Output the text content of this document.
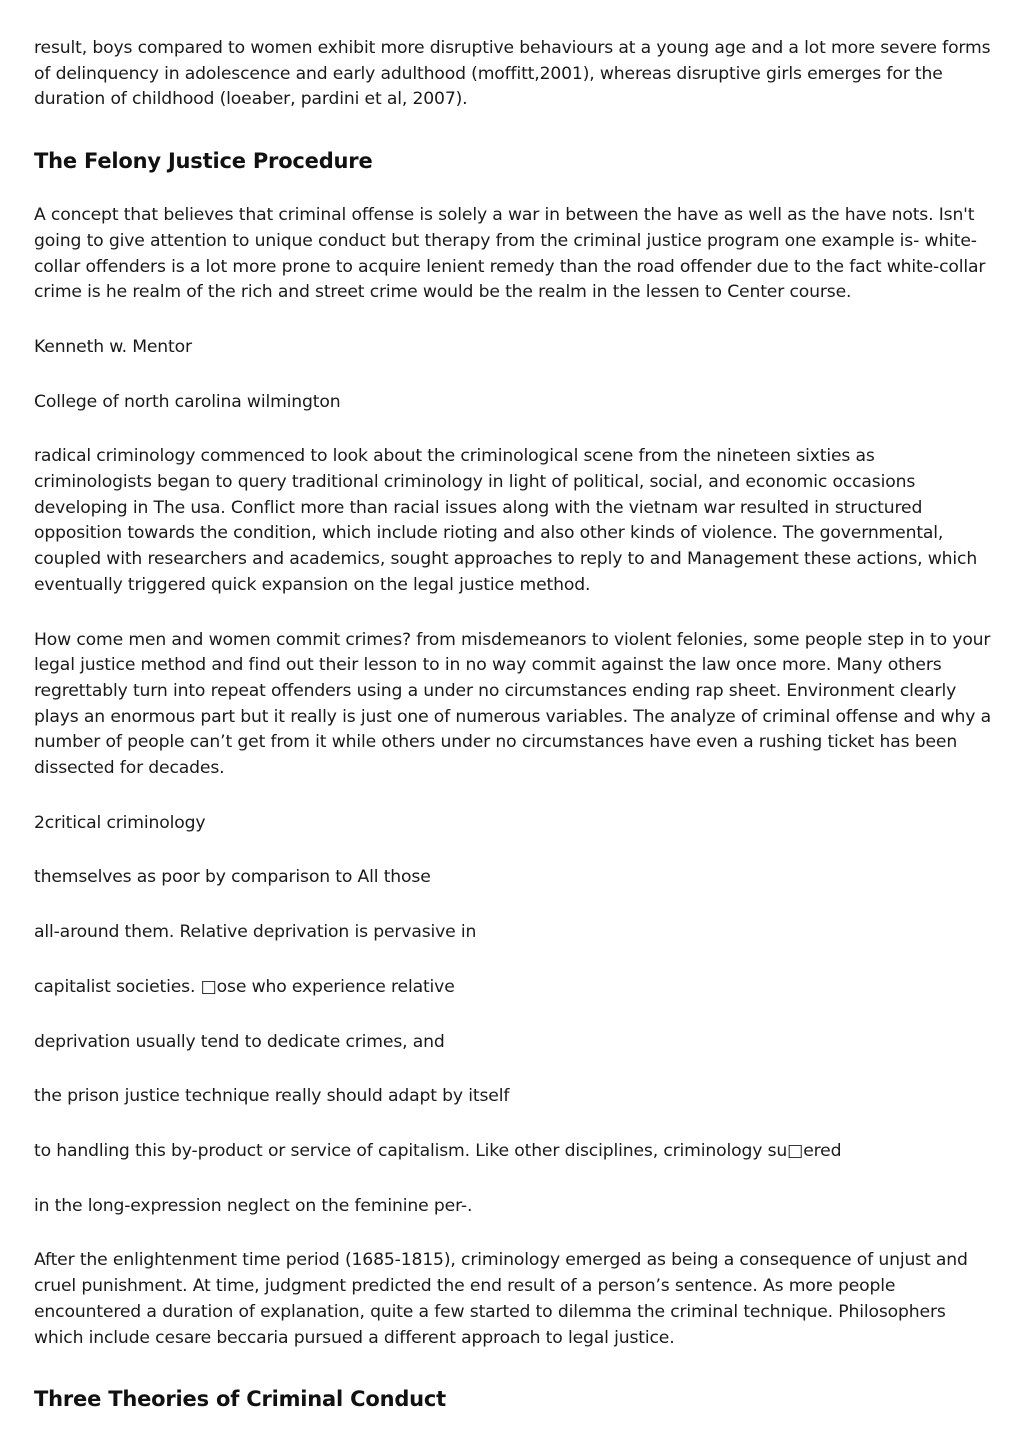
result, boys compared to women exhibit more disruptive behaviours at a young age and a lot more severe forms of delinquency in adolescence and early adulthood (moffitt,2001), whereas disruptive girls emerges for the duration of childhood (loeaber, pardini et al, 2007).

The Felony Justice Procedure

A concept that believes that criminal offense is solely a war in between the have as well as the have nots. Isn't going to give attention to unique conduct but therapy from the criminal justice program one example is- white-collar offenders is a lot more prone to acquire lenient remedy than the road offender due to the fact white-collar crime is he realm of the rich and street crime would be the realm in the lessen to Center course.

Kenneth w. Mentor

College of north carolina wilmington

radical criminology commenced to look about the criminological scene from the nineteen sixties as criminologists began to query traditional criminology in light of political, social, and economic occasions developing in The usa. Conflict more than racial issues along with the vietnam war resulted in structured opposition towards the condition, which include rioting and also other kinds of violence. The governmental, coupled with researchers and academics, sought approaches to reply to and Management these actions, which eventually triggered quick expansion on the legal justice method.

How come men and women commit crimes? from misdemeanors to violent felonies, some people step in to your legal justice method and find out their lesson to in no way commit against the law once more. Many others regrettably turn into repeat offenders using a under no circumstances ending rap sheet. Environment clearly plays an enormous part but it really is just one of numerous variables. The analyze of criminal offense and why a number of people can’t get from it while others under no circumstances have even a rushing ticket has been dissected for decades.

2critical criminology

themselves as poor by comparison to All those

all-around them. Relative deprivation is pervasive in

capitalist societies. □ose who experience relative

deprivation usually tend to dedicate crimes, and

the prison justice technique really should adapt by itself

to handling this by-product or service of capitalism. Like other disciplines, criminology su□ered

in the long-expression neglect on the feminine per-.

After the enlightenment time period (1685-1815), criminology emerged as being a consequence of unjust and cruel punishment. At time, judgment predicted the end result of a person’s sentence. As more people encountered a duration of explanation, quite a few started to dilemma the criminal technique. Philosophers which include cesare beccaria pursued a different approach to legal justice.

Three Theories of Criminal Conduct
